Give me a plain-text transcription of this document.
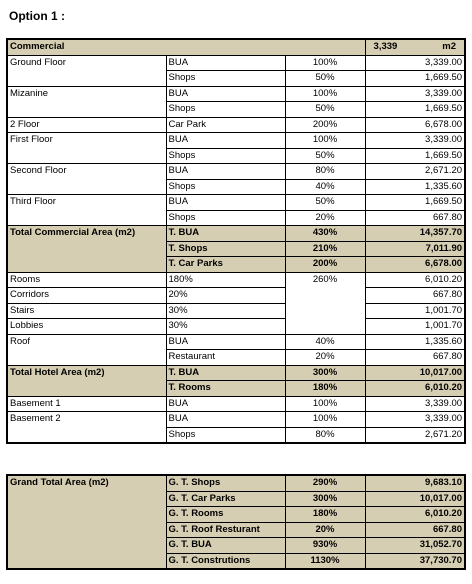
Option 1 :
Commercial			3,339 m2

Ground Floor	BUA	100%	3,339.00
	Shops	50%	1,669.50
Mizanine	BUA	100%	3,339.00
	Shops	50%	1,669.50
2 Floor	Car Park	200%	6,678.00
First Floor	BUA	100%	3,339.00
	Shops	50%	1,669.50
Second Floor	BUA	80%	2,671.20
	Shops	40%	1,335.60
Third Floor	BUA	50%	1,669.50
	Shops	20%	667.80
Total Commercial Area (m2)	T. BUA	430%	14,357.70
	T. Shops	210%	7,011.90
	T. Car Parks	200%	6,678.00
Rooms	180%	260%	6,010.20
Corridors	20%		667.80
Stairs	30%		1,001.70
Lobbies	30%		1,001.70
Roof	BUA	40%	1,335.60
	Restaurant	20%	667.80
Total Hotel Area (m2)	T. BUA	300%	10,017.00
	T. Rooms	180%	6,010.20
Basement 1	BUA	100%	3,339.00
Basement 2	BUA	100%	3,339.00
	Shops	80%	2,671.20
Grand Total Area (m2)	G. T. Shops	290%	9,683.10
	G. T. Car Parks	300%	10,017.00
	G. T. Rooms	180%	6,010.20
	G. T. Roof Resturant	20%	667.80
	G. T. BUA	930%	31,052.70
	G. T. Construtions	1130%	37,730.70
